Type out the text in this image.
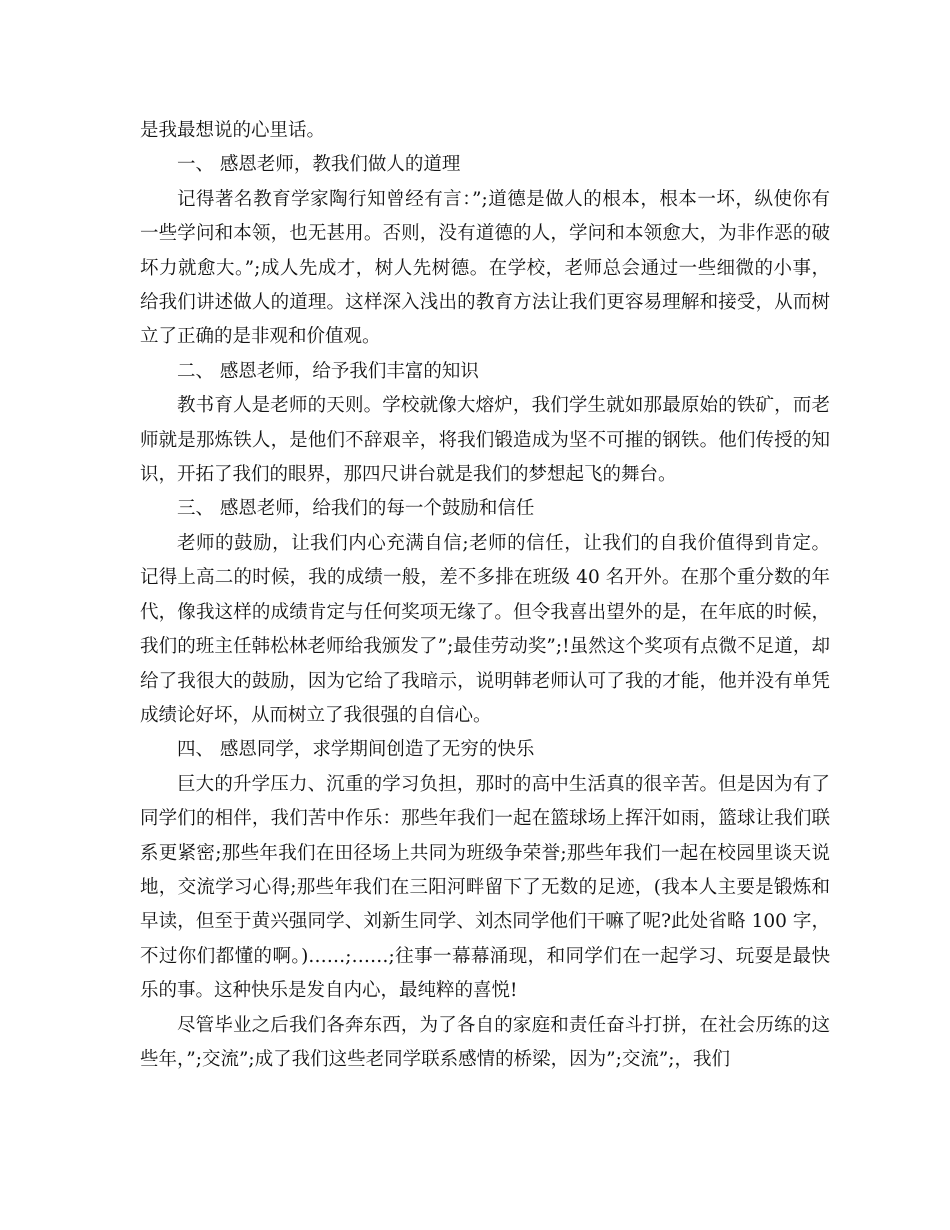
是我最想说的心里话。

一、 感恩老师，教我们做人的道理

记得著名教育学家陶行知曾经有言：”;道德是做人的根本，根本一坏，纵使你有一些学问和本领，也无甚用。否则，没有道德的人，学问和本领愈大，为非作恶的破坏力就愈大。”;成人先成才，树人先树德。在学校，老师总会通过一些细微的小事，给我们讲述做人的道理。这样深入浅出的教育方法让我们更容易理解和接受，从而树立了正确的是非观和价值观。

二、 感恩老师，给予我们丰富的知识

教书育人是老师的天则。学校就像大熔炉，我们学生就如那最原始的铁矿，而老师就是那炼铁人，是他们不辞艰辛，将我们锻造成为坚不可摧的钢铁。他们传授的知识，开拓了我们的眼界，那四尺讲台就是我们的梦想起飞的舞台。

三、 感恩老师，给我们的每一个鼓励和信任

老师的鼓励，让我们内心充满自信;老师的信任，让我们的自我价值得到肯定。记得上高二的时候，我的成绩一般，差不多排在班级 40 名开外。在那个重分数的年代，像我这样的成绩肯定与任何奖项无缘了。但令我喜出望外的是，在年底的时候，我们的班主任韩松林老师给我颁发了”;最佳劳动奖”;!虽然这个奖项有点微不足道，却给了我很大的鼓励，因为它给了我暗示，说明韩老师认可了我的才能，他并没有单凭成绩论好坏，从而树立了我很强的自信心。

四、 感恩同学，求学期间创造了无穷的快乐

巨大的升学压力、沉重的学习负担，那时的高中生活真的很辛苦。但是因为有了同学们的相伴，我们苦中作乐：那些年我们一起在篮球场上挥汗如雨，篮球让我们联系更紧密;那些年我们在田径场上共同为班级争荣誉;那些年我们一起在校园里谈天说地，交流学习心得;那些年我们在三阳河畔留下了无数的足迹，(我本人主要是锻炼和早读，但至于黄兴强同学、刘新生同学、刘杰同学他们干嘛了呢?此处省略 100 字，不过你们都懂的啊。)……;……;往事一幕幕涌现，和同学们在一起学习、玩耍是最快乐的事。这种快乐是发自内心，最纯粹的喜悦!

尽管毕业之后我们各奔东西，为了各自的家庭和责任奋斗打拼，在社会历练的这些年，”;交流”;成了我们这些老同学联系感情的桥梁，因为”;交流”;，我们
